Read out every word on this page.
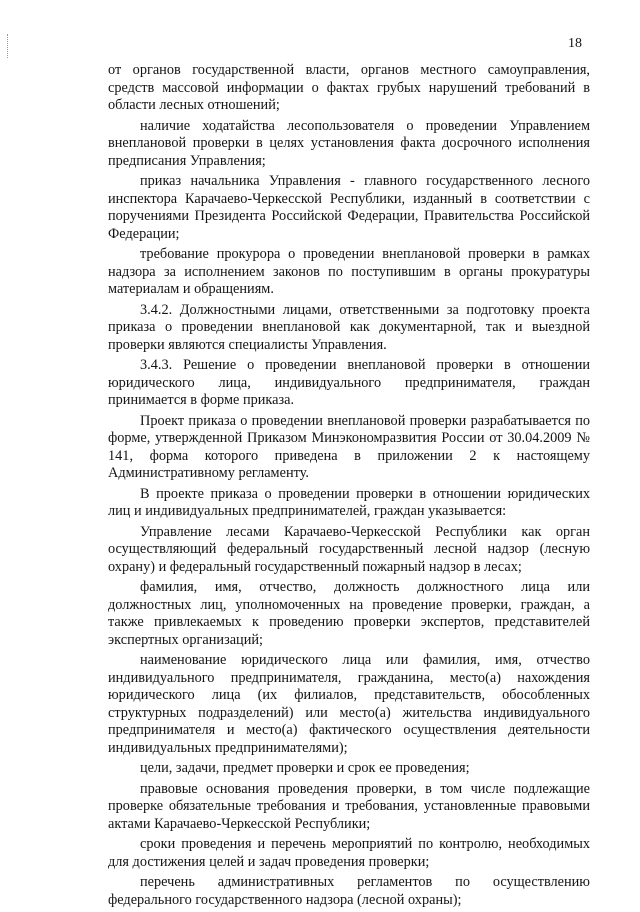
18

от органов государственной власти, органов местного самоуправления, средств массовой информации о фактах грубых нарушений требований в области лесных отношений;

наличие ходатайства лесопользователя о проведении Управлением внеплановой проверки в целях установления факта досрочного исполнения предписания Управления;

приказ начальника Управления - главного государственного лесного инспектора Карачаево-Черкесской Республики, изданный в соответствии с поручениями Президента Российской Федерации, Правительства Российской Федерации;

требование прокурора о проведении внеплановой проверки в рамках надзора за исполнением законов по поступившим в органы прокуратуры материалам и обращениям.

3.4.2. Должностными лицами, ответственными за подготовку проекта приказа о проведении внеплановой как документарной, так и выездной проверки являются специалисты Управления.

3.4.3. Решение о проведении внеплановой проверки в отношении юридического лица, индивидуального предпринимателя, граждан принимается в форме приказа.

Проект приказа о проведении внеплановой проверки разрабатывается по форме, утвержденной Приказом Минэкономразвития России от 30.04.2009 № 141, форма которого приведена в приложении 2 к настоящему Административному регламенту.

В проекте приказа о проведении проверки в отношении юридических лиц и индивидуальных предпринимателей, граждан указывается:

Управление лесами Карачаево-Черкесской Республики как орган осуществляющий федеральный государственный лесной надзор (лесную охрану) и федеральный государственный пожарный надзор в лесах;

фамилия, имя, отчество, должность должностного лица или должностных лиц, уполномоченных на проведение проверки, граждан, а также привлекаемых к проведению проверки экспертов, представителей экспертных организаций;

наименование юридического лица или фамилия, имя, отчество индивидуального предпринимателя, гражданина, место(а) нахождения юридического лица (их филиалов, представительств, обособленных структурных подразделений) или место(а) жительства индивидуального предпринимателя и место(а) фактического осуществления деятельности индивидуальных предпринимателями);

цели, задачи, предмет проверки и срок ее проведения;

правовые основания проведения проверки, в том числе подлежащие проверке обязательные требования и требования, установленные правовыми актами Карачаево-Черкесской Республики;

сроки проведения и перечень мероприятий по контролю, необходимых для достижения целей и задач проведения проверки;

перечень административных регламентов по осуществлению федерального государственного надзора (лесной охраны);
